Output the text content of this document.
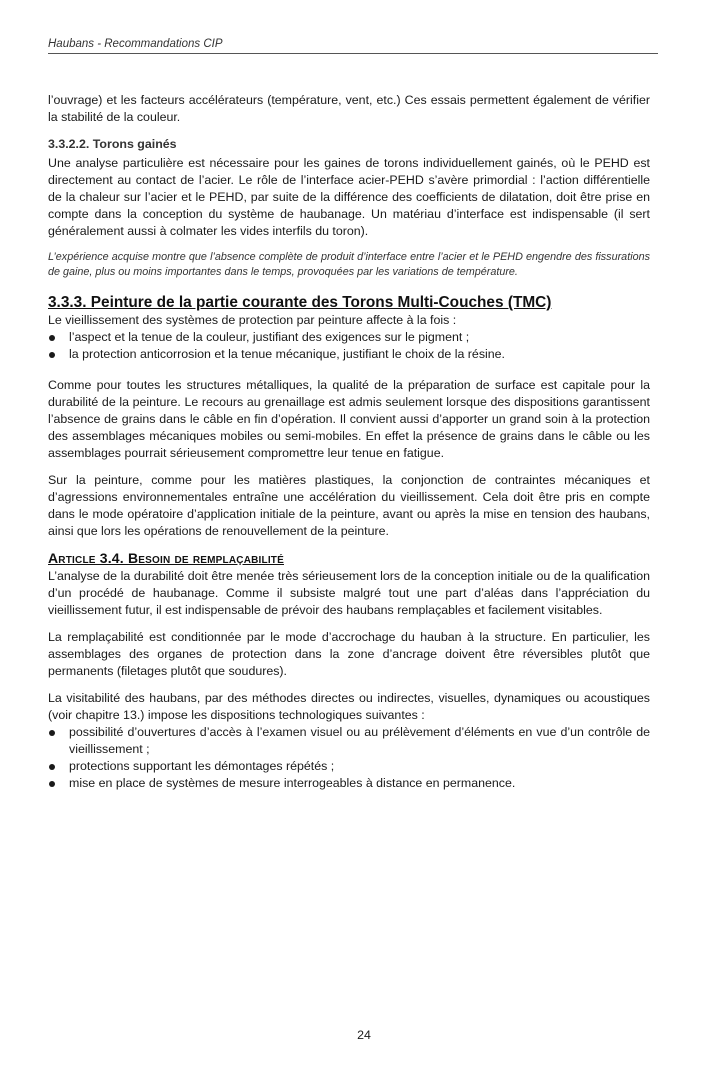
Haubans - Recommandations CIP

l’ouvrage) et les facteurs accélérateurs (température, vent, etc.) Ces essais permettent également de vérifier la stabilité de la couleur.

3.3.2.2. Torons gainés

Une analyse particulière est nécessaire pour les gaines de torons individuellement gainés, où le PEHD est directement au contact de l’acier. Le rôle de l’interface acier-PEHD s’avère primordial : l’action différentielle de la chaleur sur l’acier et le PEHD, par suite de la différence des coefficients de dilatation, doit être prise en compte dans la conception du système de haubanage. Un matériau d’interface est indispensable (il sert généralement aussi à colmater les vides interfils du toron).

L’expérience acquise montre que l’absence complète de produit d’interface entre l’acier et le PEHD engendre des fissurations de gaine, plus ou moins importantes dans le temps, provoquées par les variations de température.

3.3.3. Peinture de la partie courante des Torons Multi-Couches (TMC)

Le vieillissement des systèmes de protection par peinture affecte à la fois :

l’aspect et la tenue de la couleur, justifiant des exigences sur le pigment ;
la protection anticorrosion et la tenue mécanique, justifiant le choix de la résine.

Comme pour toutes les structures métalliques, la qualité de la préparation de surface est capitale pour la durabilité de la peinture. Le recours au grenaillage est admis seulement lorsque des dispositions garantissent l’absence de grains dans le câble en fin d’opération. Il convient aussi d’apporter un grand soin à la protection des assemblages mécaniques mobiles ou semi-mobiles. En effet la présence de grains dans le câble ou les assemblages pourrait sérieusement compromettre leur tenue en fatigue.

Sur la peinture, comme pour les matières plastiques, la conjonction de contraintes mécaniques et d’agressions environnementales entraîne une accélération du vieillissement. Cela doit être pris en compte dans le mode opératoire d’application initiale de la peinture, avant ou après la mise en tension des haubans, ainsi que lors les opérations de renouvellement de la peinture.

Article 3.4. Besoin de remplaçabilité

L’analyse de la durabilité doit être menée très sérieusement lors de la conception initiale ou de la qualification d’un procédé de haubanage. Comme il subsiste malgré tout une part d’aléas dans l’appréciation du vieillissement futur, il est indispensable de prévoir des haubans remplaçables et facilement visitables.

La remplaçabilité est conditionnée par le mode d’accrochage du hauban à la structure. En particulier, les assemblages des organes de protection dans la zone d’ancrage doivent être réversibles plutôt que permanents (filetages plutôt que soudures).

La visitabilité des haubans, par des méthodes directes ou indirectes, visuelles, dynamiques ou acoustiques (voir chapitre 13.) impose les dispositions technologiques suivantes :

possibilité d’ouvertures d’accès à l’examen visuel ou au prélèvement d’éléments en vue d’un contrôle de vieillissement ;
protections supportant les démontages répétés ;
mise en place de systèmes de mesure interrogeables à distance en permanence.
24
